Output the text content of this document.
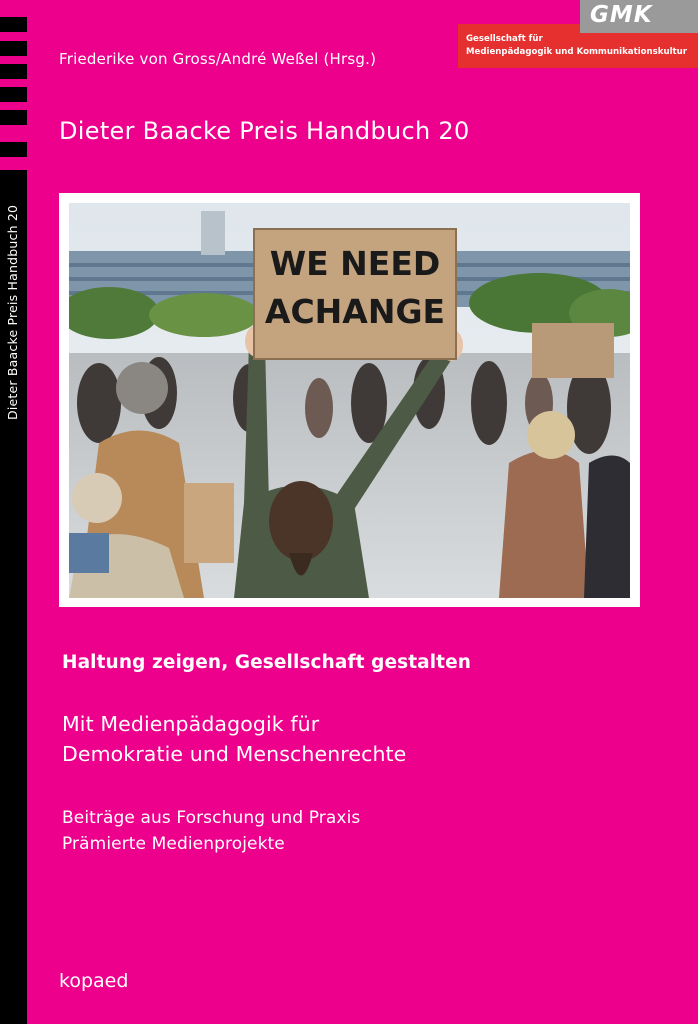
Dieter Baacke Preis Handbuch 20
Friederike von Gross/André Weßel (Hrsg.)
Dieter Baacke Preis Handbuch 20
GMK
Gesellschaft für
Medienpädagogik und Kommunikationskultur
WE NEED
ACHANGE
Haltung zeigen, Gesellschaft gestalten
Mit Medienpädagogik für
Demokratie und Menschenrechte
Beiträge aus Forschung und Praxis
Prämierte Medienprojekte
kopaed
